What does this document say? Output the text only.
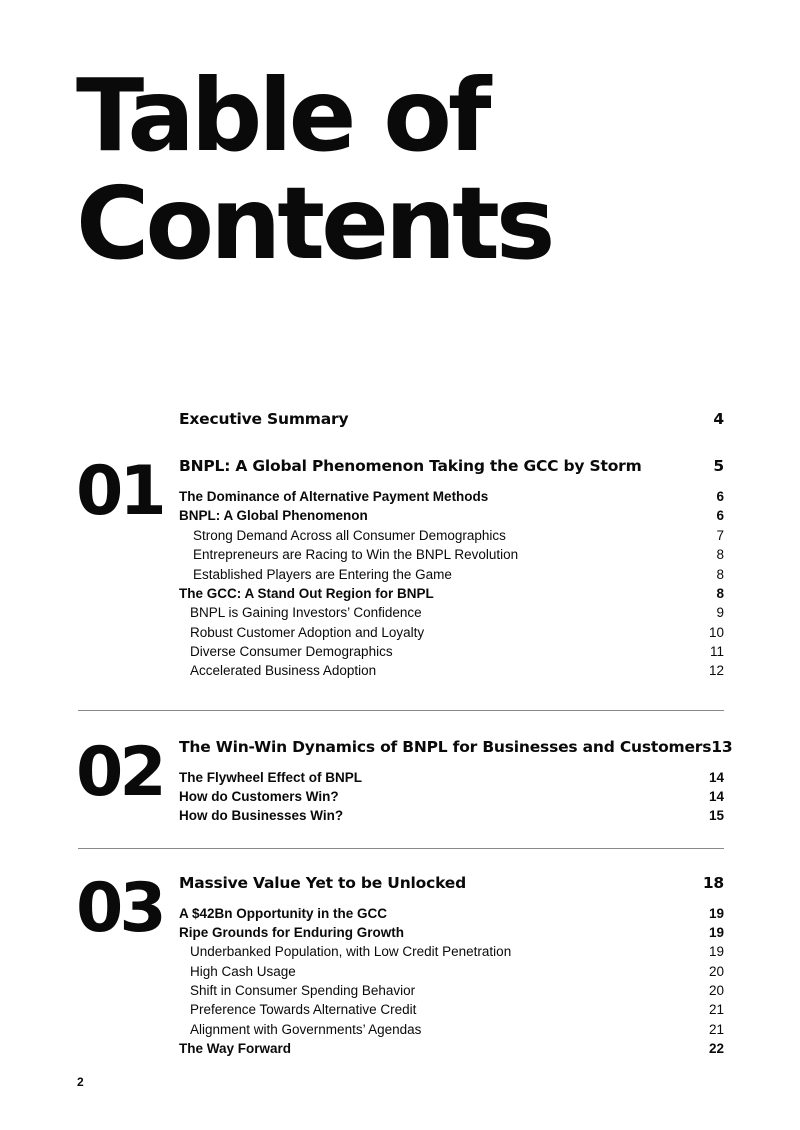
Table of
Contents
Executive Summary	4
01 BNPL: A Global Phenomenon Taking the GCC by Storm	5
The Dominance of Alternative Payment Methods	6
BNPL: A Global Phenomenon	6
Strong Demand Across all Consumer Demographics	7
Entrepreneurs are Racing to Win the BNPL Revolution	8
Established Players are Entering the Game	8
The GCC: A Stand Out Region for BNPL	8
BNPL is Gaining Investors’ Confidence	9
Robust Customer Adoption and Loyalty	10
Diverse Consumer Demographics	11
Accelerated Business Adoption	12
02 The Win-Win Dynamics of BNPL for Businesses and Customers 13
The Flywheel Effect of BNPL	14
How do Customers Win?	14
How do Businesses Win?	15
03 Massive Value Yet to be Unlocked	18
A $42Bn Opportunity in the GCC	19
Ripe Grounds for Enduring Growth	19
Underbanked Population, with Low Credit Penetration	19
High Cash Usage	20
Shift in Consumer Spending Behavior	20
Preference Towards Alternative Credit	21
Alignment with Governments’ Agendas	21
The Way Forward	22
2
